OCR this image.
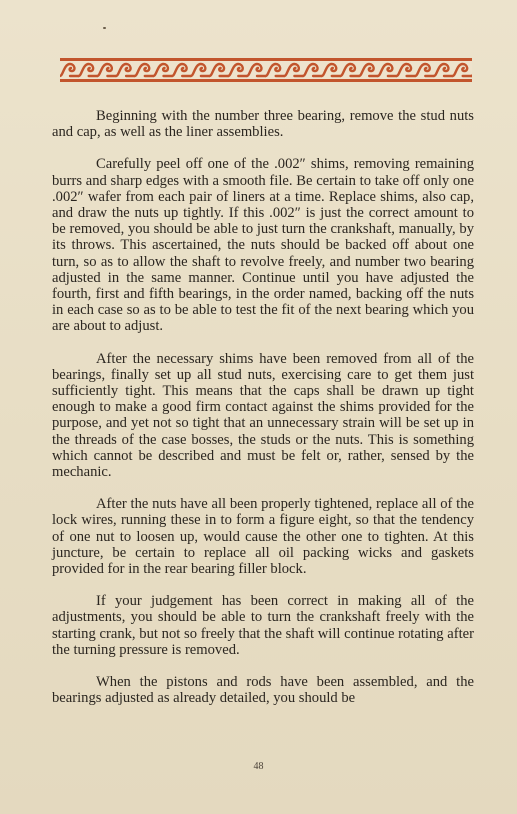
Beginning with the number three bearing, remove the stud nuts and cap, as well as the liner assemblies.

Carefully peel off one of the .002″ shims, removing remaining burrs and sharp edges with a smooth file. Be certain to take off only one .002″ wafer from each pair of liners at a time. Replace shims, also cap, and draw the nuts up tightly. If this .002″ is just the correct amount to be removed, you should be able to just turn the crankshaft, manually, by its throws. This ascertained, the nuts should be backed off about one turn, so as to allow the shaft to revolve freely, and number two bearing adjusted in the same manner. Continue until you have adjusted the fourth, first and fifth bearings, in the order named, backing off the nuts in each case so as to be able to test the fit of the next bearing which you are about to adjust.

After the necessary shims have been removed from all of the bearings, finally set up all stud nuts, exercising care to get them just sufficiently tight. This means that the caps shall be drawn up tight enough to make a good firm contact against the shims provided for the purpose, and yet not so tight that an unnecessary strain will be set up in the threads of the case bosses, the studs or the nuts. This is something which cannot be described and must be felt or, rather, sensed by the mechanic.

After the nuts have all been properly tightened, replace all of the lock wires, running these in to form a figure eight, so that the tendency of one nut to loosen up, would cause the other one to tighten. At this juncture, be certain to replace all oil packing wicks and gaskets provided for in the rear bearing filler block.

If your judgement has been correct in making all of the adjustments, you should be able to turn the crankshaft freely with the starting crank, but not so freely that the shaft will continue rotating after the turning pressure is removed.

When the pistons and rods have been assembled, and the bearings adjusted as already detailed, you should be

48
